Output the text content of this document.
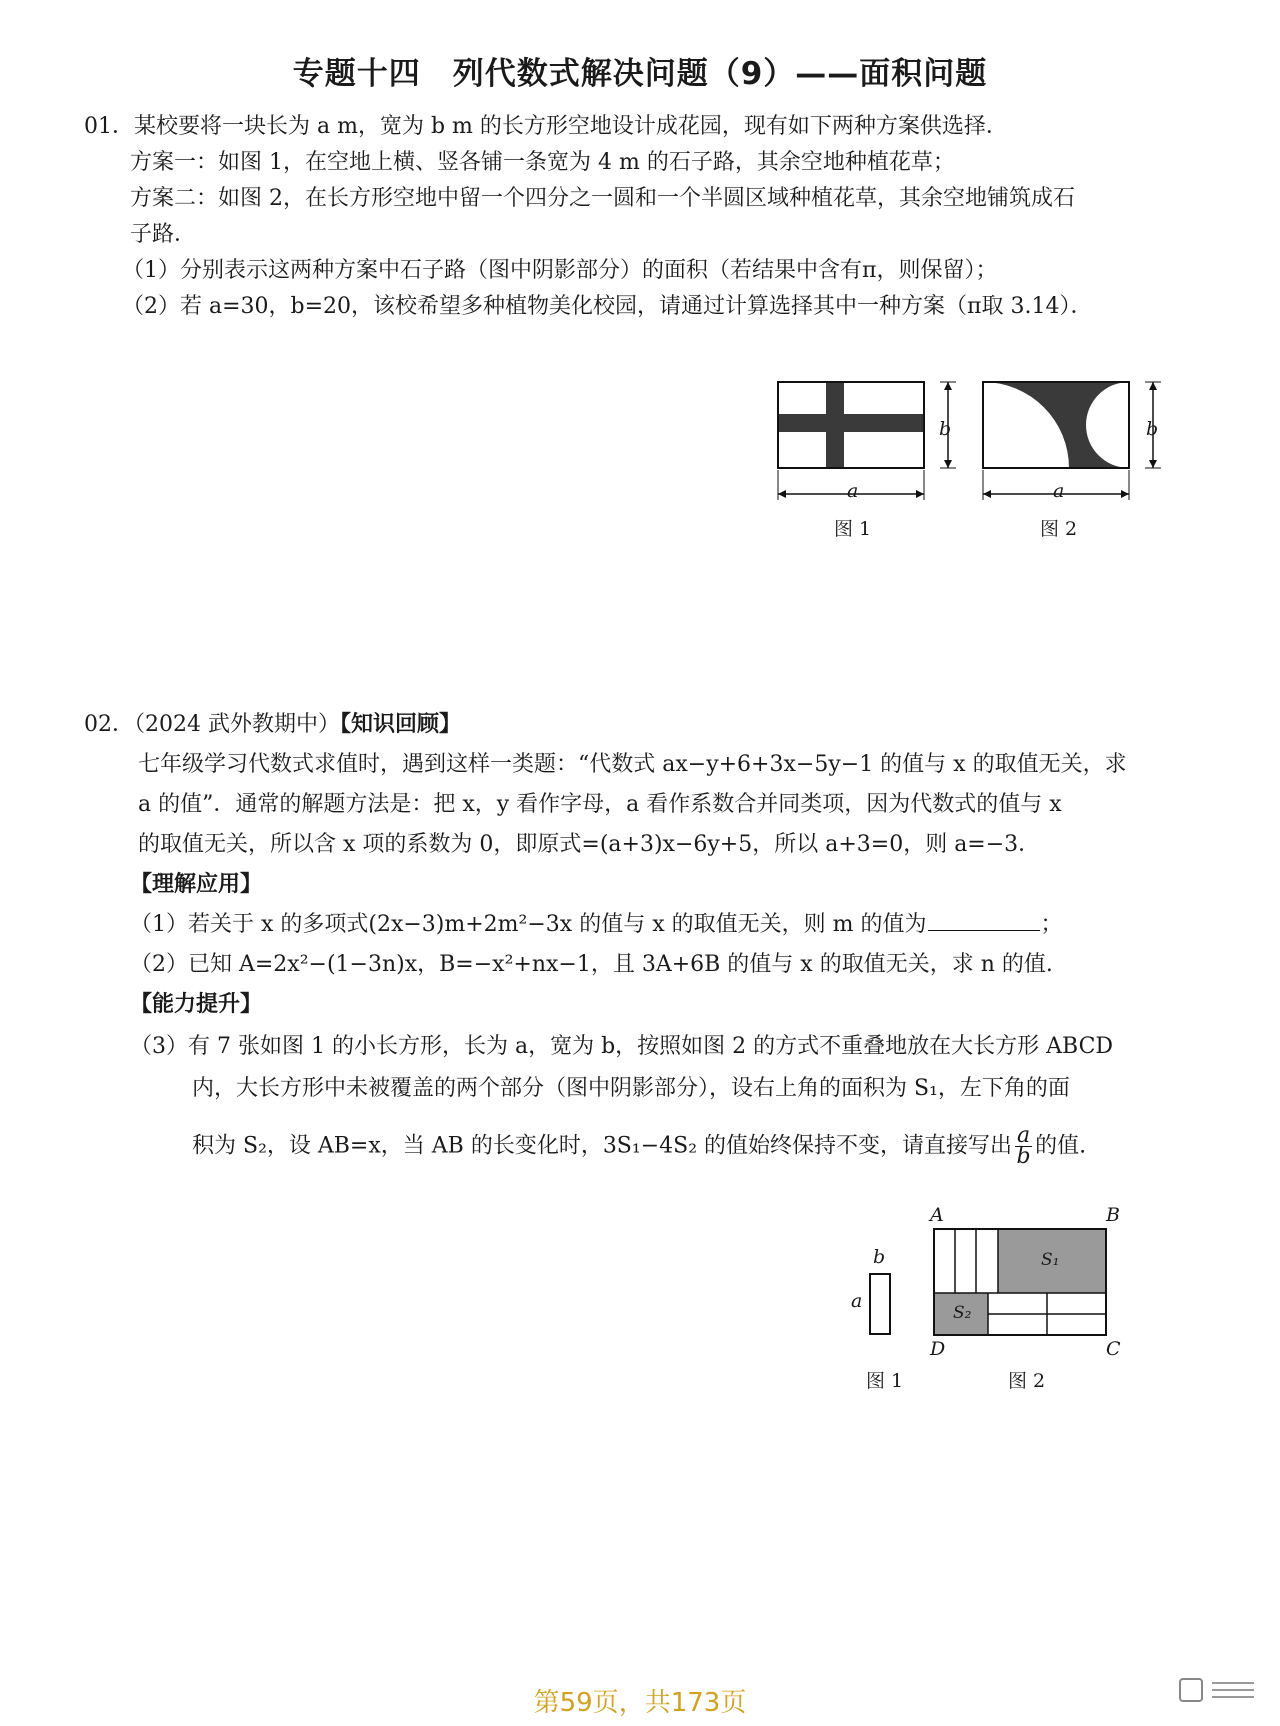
专题十四　列代数式解决问题（9）——面积问题
01．某校要将一块长为 a m，宽为 b m 的长方形空地设计成花园，现有如下两种方案供选择．
方案一：如图 1，在空地上横、竖各铺一条宽为 4 m 的石子路，其余空地种植花草；
方案二：如图 2，在长方形空地中留一个四分之一圆和一个半圆区域种植花草，其余空地铺筑成石
子路．
（1）分别表示这两种方案中石子路（图中阴影部分）的面积（若结果中含有π，则保留）；
（2）若 a=30，b=20，该校希望多种植物美化校园，请通过计算选择其中一种方案（π取 3.14）．
b
a
图 1
b
a
图 2
02．（2024 武外教期中）【知识回顾】
七年级学习代数式求值时，遇到这样一类题：“代数式 ax−y+6+3x−5y−1 的值与 x 的取值无关，求
a 的值”．通常的解题方法是：把 x，y 看作字母，a 看作系数合并同类项，因为代数式的值与 x
的取值无关，所以含 x 项的系数为 0，即原式=(a+3)x−6y+5，所以 a+3=0，则 a=−3．
【理解应用】
（1）若关于 x 的多项式(2x−3)m+2m²−3x 的值与 x 的取值无关，则 m 的值为	；
（2）已知 A=2x²−(1−3n)x，B=−x²+nx−1，且 3A+6B 的值与 x 的取值无关，求 n 的值.
【能力提升】
（3）有 7 张如图 1 的小长方形，长为 a，宽为 b，按照如图 2 的方式不重叠地放在大长方形 ABCD
内，大长方形中未被覆盖的两个部分（图中阴影部分），设右上角的面积为 S₁，左下角的面
积为 S₂，设 AB=x，当 AB 的长变化时，3S₁−4S₂ 的值始终保持不变，请直接写出 $\frac{a}{b}$ 的值.
b
a
图 1
A	B
C
D
S₁
S₂
图 2
第59页，共173页
